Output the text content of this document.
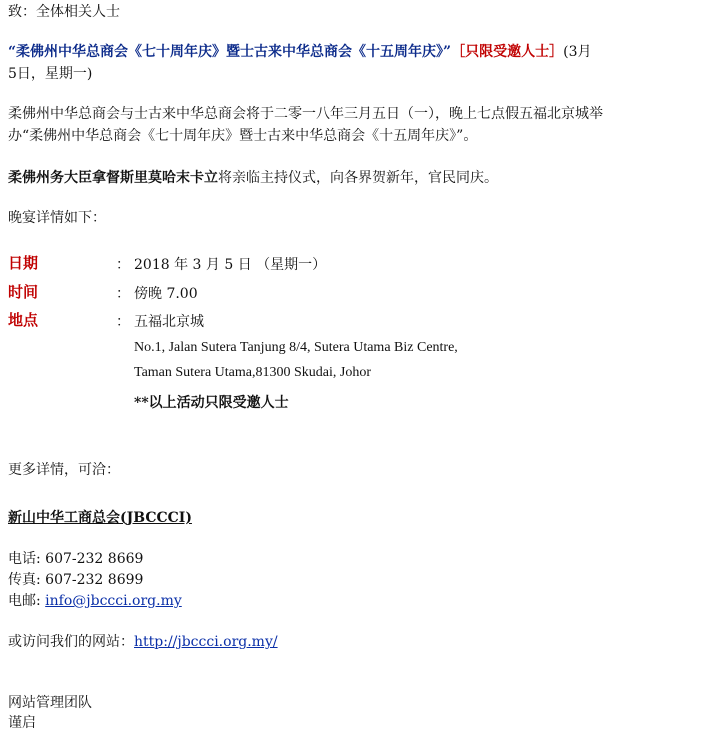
致：全体相关人士
“柔佛州中华总商会《七十周年庆》暨士古来中华总商会《十五周年庆》”［只限受邀人士］(3月
5日，星期一)
柔佛州中华总商会与士古来中华总商会将于二零一八年三月五日（一），晚上七点假五福北京城举
办“柔佛州中华总商会《七十周年庆》暨士古来中华总商会《十五周年庆》”。
柔佛州务大臣拿督斯里莫哈末卡立将亲临主持仪式，向各界贺新年，官民同庆。
晚宴详情如下：
日期	： 2018 年 3 月 5 日 （星期一）
时间	： 傍晚 7.00
地点	： 五福北京城
No.1, Jalan Sutera Tanjung 8/4, Sutera Utama Biz Centre,
Taman Sutera Utama,81300 Skudai, Johor
**以上活动只限受邀人士
更多详情，可洽：
新山中华工商总会(JBCCCI)
电话: 607-232 8669
传真: 607-232 8699
电邮: info@jbccci.org.my
或访问我们的网站：http://jbccci.org.my/
网站管理团队
谨启
